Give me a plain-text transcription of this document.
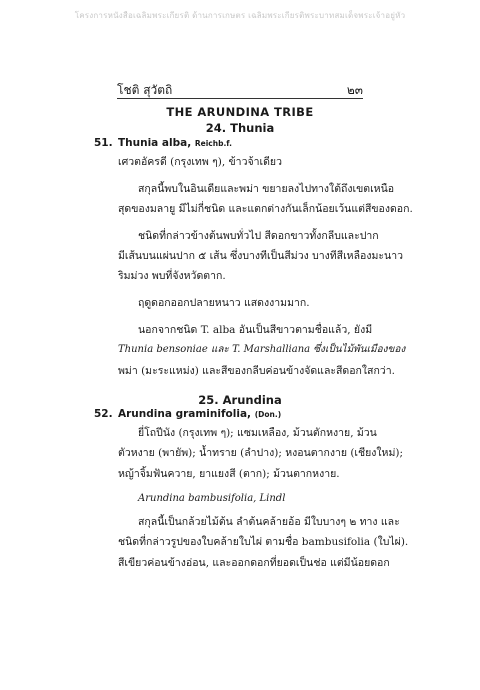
โครงการหนังสือเฉลิมพระเกียรติ ด้านการเกษตร เฉลิมพระเกียรติพระบาทสมเด็จพระเจ้าอยู่หัว
โชติ สุวัตถิ	๒๓
THE ARUNDINA TRIBE
24. Thunia
51. Thunia alba, Reichb.f.
เศวตอัครดี (กรุงเทพ ๆ), ข้าวจ้าเดียว
สกุลนี้พบในอินเดียและพม่า ขยายลงไปทางใต้ถึงเขตเหนือ
สุดของมลายู มีไม่กี่ชนิด และแตกต่างกันเล็กน้อยเว้นแต่สีของดอก.
ชนิดที่กล่าวข้างต้นพบทั่วไป สีดอกขาวทั้งกลีบและปาก
มีเส้นบนแผ่นปาก ๕ เส้น ซึ่งบางทีเป็นสีม่วง บางทีสีเหลืองมะนาว
ริมม่วง พบที่จังหวัดตาก.
ฤดูดอกออกปลายหนาว แสดงงามมาก.
นอกจากชนิด T. alba อันเป็นสีขาวตามชื่อแล้ว, ยังมี
Thunia bensoniae และ T. Marshalliana ซึ่งเป็นไม้พันเมืองของ
พม่า (มะระแหม่ง) และสีของกลีบค่อนข้างจัดและสีดอกใสกว่า.
25. Arundina
52. Arundina graminifolia, (Don.)
ยี่โถปีนัง (กรุงเทพ ๆ); แซมเหลือง, ม้วนตักหงาย, ม้วน
ตัวหงาย (พายัพ); น้ำทราย (ลำปาง); หงอนตากงาย (เชียงใหม่);
หญ้าจิ้มฟันควาย, ยาแยงสี (ตาก); ม้วนตากหงาย.
Arundina bambusifolia, Lindl
สกุลนี้เป็นกล้วยไม้ต้น ลำต้นคล้ายอ้อ มีใบบางๆ ๒ ทาง และ
ชนิดที่กล่าวรูปของใบคล้ายใบไผ่ ตามชื่อ bambusifolia (ใบไผ่).
สีเขียวค่อนข้างอ่อน, และออกดอกที่ยอดเป็นช่อ แต่มีน้อยดอก
